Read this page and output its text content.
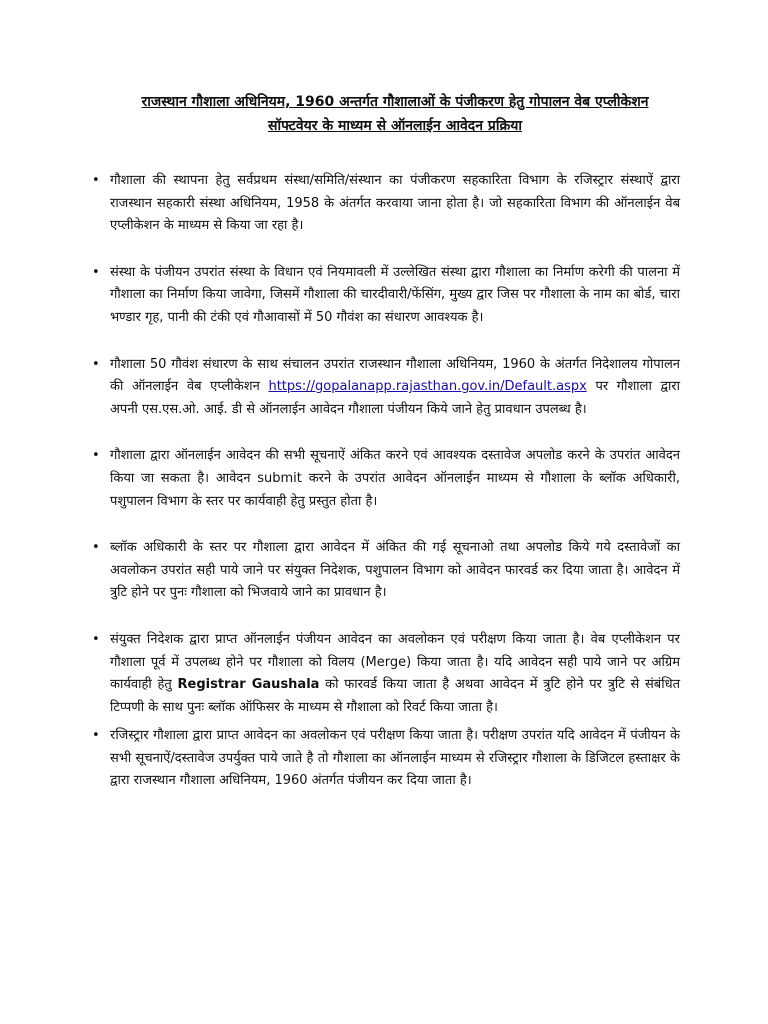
राजस्थान गौशाला अधिनियम, 1960 अन्तर्गत गौशालाओं के पंजीकरण हेतु गोपालन वेब एप्लीकेशन
सॉफ्टवेयर के माध्यम से ऑनलाईन आवेदन प्रक्रिया
• गौशाला की स्थापना हेतु सर्वप्रथम संस्था/समिति/संस्थान का पंजीकरण सहकारिता विभाग के रजिस्ट्रार संस्थाऐं द्वारा राजस्थान सहकारी संस्था अधिनियम, 1958 के अंतर्गत करवाया जाना होता है। जो सहकारिता विभाग की ऑनलाईन वेब एप्लीकेशन के माध्यम से किया जा रहा है।
• संस्था के पंजीयन उपरांत संस्था के विधान एवं नियमावली में उल्लेखित संस्था द्वारा गौशाला का निर्माण करेगी की पालना में गौशाला का निर्माण किया जावेगा, जिसमें गौशाला की चारदीवारी/फेंसिंग, मुख्य द्वार जिस पर गौशाला के नाम का बोर्ड, चारा भण्डार गृह, पानी की टंकी एवं गौआवासों में 50 गौवंश का संधारण आवश्यक है।
• गौशाला 50 गौवंश संधारण के साथ संचालन उपरांत राजस्थान गौशाला अधिनियम, 1960 के अंतर्गत निदेशालय गोपालन की ऑनलाईन वेब एप्लीकेशन https://gopalanapp.rajasthan.gov.in/Default.aspx पर गौशाला द्वारा अपनी एस.एस.ओ. आई. डी से ऑनलाईन आवेदन गौशाला पंजीयन किये जाने हेतु प्रावधान उपलब्ध है।
• गौशाला द्वारा ऑनलाईन आवेदन की सभी सूचनाऐं अंकित करने एवं आवश्यक दस्तावेज अपलोड करने के उपरांत आवेदन किया जा सकता है। आवेदन submit करने के उपरांत आवेदन ऑनलाईन माध्यम से गौशाला के ब्लॉक अधिकारी, पशुपालन विभाग के स्तर पर कार्यवाही हेतु प्रस्तुत होता है।
• ब्लॉक अधिकारी के स्तर पर गौशाला द्वारा आवेदन में अंकित की गई सूचनाओ तथा अपलोड किये गये दस्तावेजों का अवलोकन उपरांत सही पाये जाने पर संयुक्त निदेशक, पशुपालन विभाग को आवेदन फारवर्ड कर दिया जाता है। आवेदन में त्रुटि होने पर पुनः गौशाला को भिजवाये जाने का प्रावधान है।
• संयुक्त निदेशक द्वारा प्राप्त ऑनलाईन पंजीयन आवेदन का अवलोकन एवं परीक्षण किया जाता है। वेब एप्लीकेशन पर गौशाला पूर्व में उपलब्ध होने पर गौशाला को विलय (Merge) किया जाता है। यदि आवेदन सही पाये जाने पर अग्रिम कार्यवाही हेतु Registrar Gaushala को फारवर्ड किया जाता है अथवा आवेदन में त्रुटि होने पर त्रुटि से संबंधित टिप्पणी के साथ पुनः ब्लॉक ऑफिसर के माध्यम से गौशाला को रिवर्ट किया जाता है।
• रजिस्ट्रार गौशाला द्वारा प्राप्त आवेदन का अवलोकन एवं परीक्षण किया जाता है। परीक्षण उपरांत यदि आवेदन में पंजीयन के सभी सूचनाऐं/दस्तावेज उपर्युक्त पाये जाते है तो गौशाला का ऑनलाईन माध्यम से रजिस्ट्रार गौशाला के डिजिटल हस्ताक्षर के द्वारा राजस्थान गौशाला अधिनियम, 1960 अंतर्गत पंजीयन कर दिया जाता है।
